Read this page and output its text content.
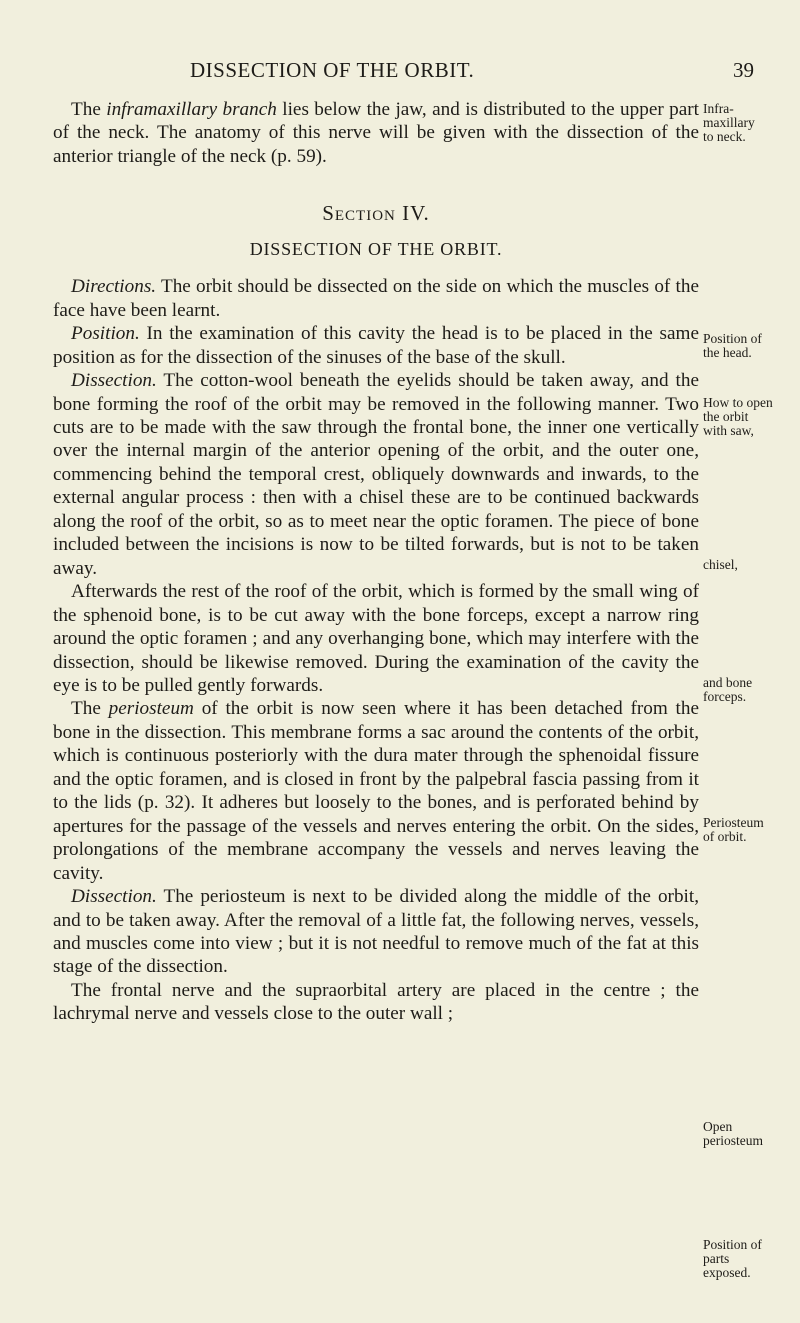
DISSECTION OF THE ORBIT.	39

The inframaxillary branch lies below the jaw, and is distributed to the upper part of the neck. The anatomy of this nerve will be given with the dissection of the anterior triangle of the neck (p. 59).

Section IV.

DISSECTION OF THE ORBIT.

Directions. The orbit should be dissected on the side on which the muscles of the face have been learnt.

Position. In the examination of this cavity the head is to be placed in the same position as for the dissection of the sinuses of the base of the skull.

Dissection. The cotton-wool beneath the eyelids should be taken away, and the bone forming the roof of the orbit may be removed in the following manner. Two cuts are to be made with the saw through the frontal bone, the inner one vertically over the internal margin of the anterior opening of the orbit, and the outer one, commencing behind the temporal crest, obliquely downwards and inwards, to the external angular process : then with a chisel these are to be continued backwards along the roof of the orbit, so as to meet near the optic foramen. The piece of bone included between the incisions is now to be tilted forwards, but is not to be taken away.

Afterwards the rest of the roof of the orbit, which is formed by the small wing of the sphenoid bone, is to be cut away with the bone forceps, except a narrow ring around the optic foramen ; and any overhanging bone, which may interfere with the dissection, should be likewise removed. During the examination of the cavity the eye is to be pulled gently forwards.

The periosteum of the orbit is now seen where it has been detached from the bone in the dissection. This membrane forms a sac around the contents of the orbit, which is continuous posteriorly with the dura mater through the sphenoidal fissure and the optic foramen, and is closed in front by the palpebral fascia passing from it to the lids (p. 32). It adheres but loosely to the bones, and is perforated behind by apertures for the passage of the vessels and nerves entering the orbit. On the sides, prolongations of the membrane accompany the vessels and nerves leaving the cavity.

Dissection. The periosteum is next to be divided along the middle of the orbit, and to be taken away. After the removal of a little fat, the following nerves, vessels, and muscles come into view ; but it is not needful to remove much of the fat at this stage of the dissection.

The frontal nerve and the supraorbital artery are placed in the centre ; the lachrymal nerve and vessels close to the outer wall ;

Infra-
maxillary
to neck.
Position of
the head.
How to open
the orbit
with saw,
chisel,
and bone
forceps.
Periosteum
of orbit.
Open
periosteum
Position of
parts
exposed.
